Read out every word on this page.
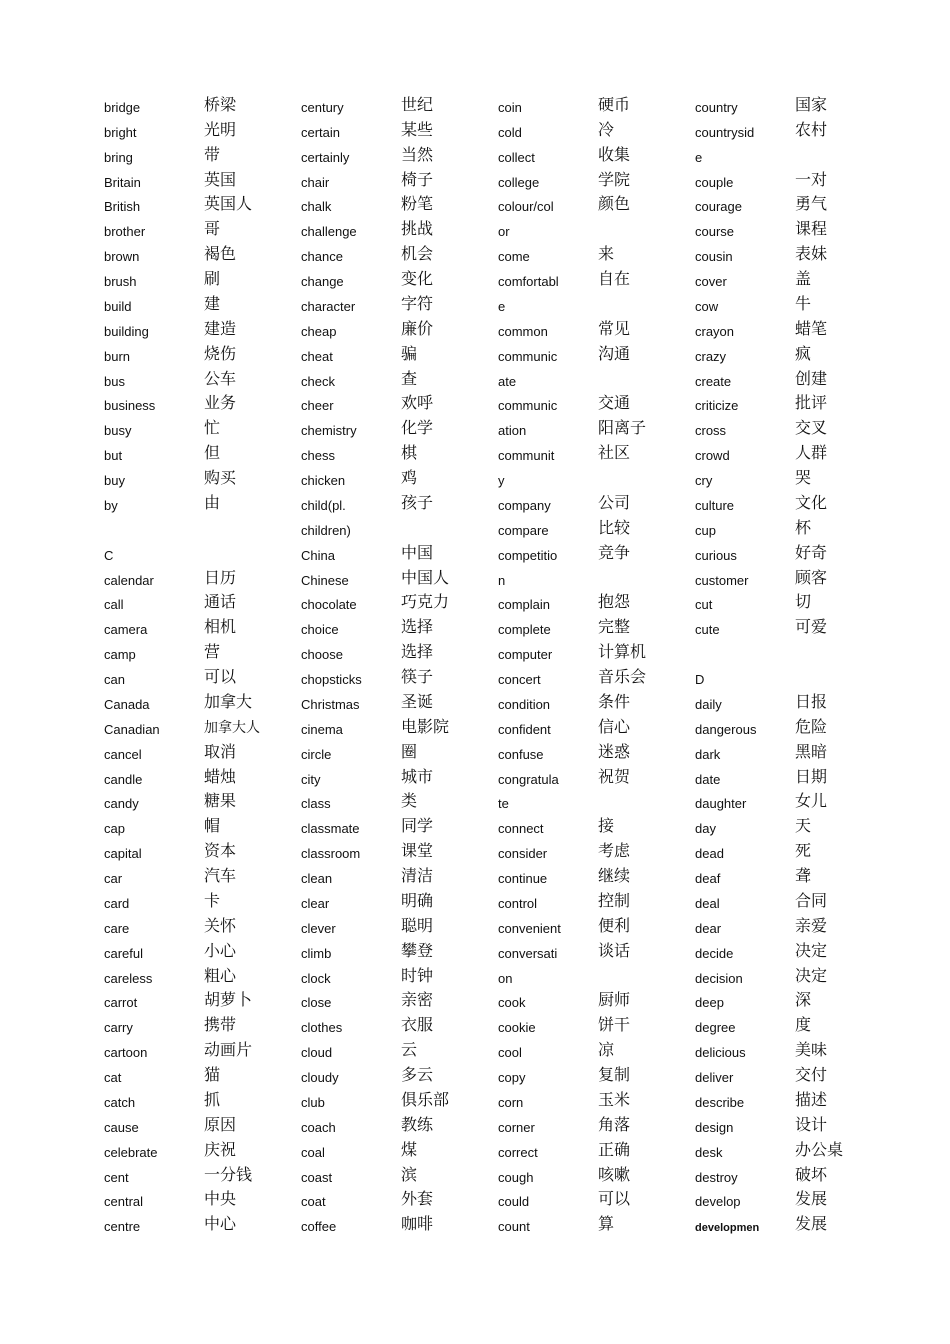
bridge	桥梁
bright	光明
bring	带
Britain	英国
British	英国人
brother	哥
brown	褐色
brush	刷
build	建
building	建造
burn	烧伤
bus	公车
business	业务
busy	忙
but	但
buy	购买
by	由
C
calendar	日历
call	通话
camera	相机
camp	营
can	可以
Canada	加拿大
Canadian	加拿大人
cancel	取消
candle	蜡烛
candy	糖果
cap	帽
capital	资本
car	汽车
card	卡
care	关怀
careful	小心
careless	粗心
carrot	胡萝卜
carry	携带
cartoon	动画片
cat	猫
catch	抓
cause	原因
celebrate	庆祝
cent	一分钱
central	中央
centre	中心
century	世纪
certain	某些
certainly	当然
chair	椅子
chalk	粉笔
challenge	挑战
chance	机会
change	变化
character	字符
cheap	廉价
cheat	骗
check	查
cheer	欢呼
chemistry	化学
chess	棋
chicken	鸡
child(pl.	孩子
children)
China	中国
Chinese	中国人
chocolate	巧克力
choice	选择
choose	选择
chopsticks 筷子
Christmas	圣诞
cinema	电影院
circle	圈
city	城市
class	类
classmate	同学
classroom	课堂
clean	清洁
clear	明确
clever	聪明
climb	攀登
clock	时钟
close	亲密
clothes	衣服
cloud	云
cloudy	多云
club	俱乐部
coach	教练
coal	煤
coast	滨
coat	外套
coffee	咖啡
coin	硬币
cold	冷
collect	收集
college	学院
colour/col	颜色
or
come	来
comfortabl 自在
e
common	常见
communic	沟通
ate
communic	交通
ation	阳离子
communit	社区
y
company	公司
compare	比较
competitio	竞争
n
complain	抱怨
complete	完整
computer	计算机
concert	音乐会
condition	条件
confident	信心
confuse	迷惑
congratula 祝贺
te
connect	接
consider	考虑
continue	继续
control	控制
convenient 便利
conversati	谈话
on
cook	厨师
cookie	饼干
cool	凉
copy	复制
corn	玉米
corner	角落
correct	正确
cough	咳嗽
could	可以
count	算
country	国家
countrysid	农村
e
couple	一对
courage	勇气
course	课程
cousin	表妹
cover	盖
cow	牛
crayon	蜡笔
crazy	疯
create	创建
criticize	批评
cross	交叉
crowd	人群
cry	哭
culture	文化
cup	杯
curious	好奇
customer	顾客
cut	切
cute	可爱
D
daily	日报
dangerous 危险
dark	黑暗
date	日期
daughter	女儿
day	天
dead	死
deaf	聋
deal	合同
dear	亲爱
decide	决定
decision	决定
deep	深
degree	度
delicious	美味
deliver	交付
describe	描述
design	设计
desk	办公桌
destroy	破坏
develop	发展
developmen 发展
